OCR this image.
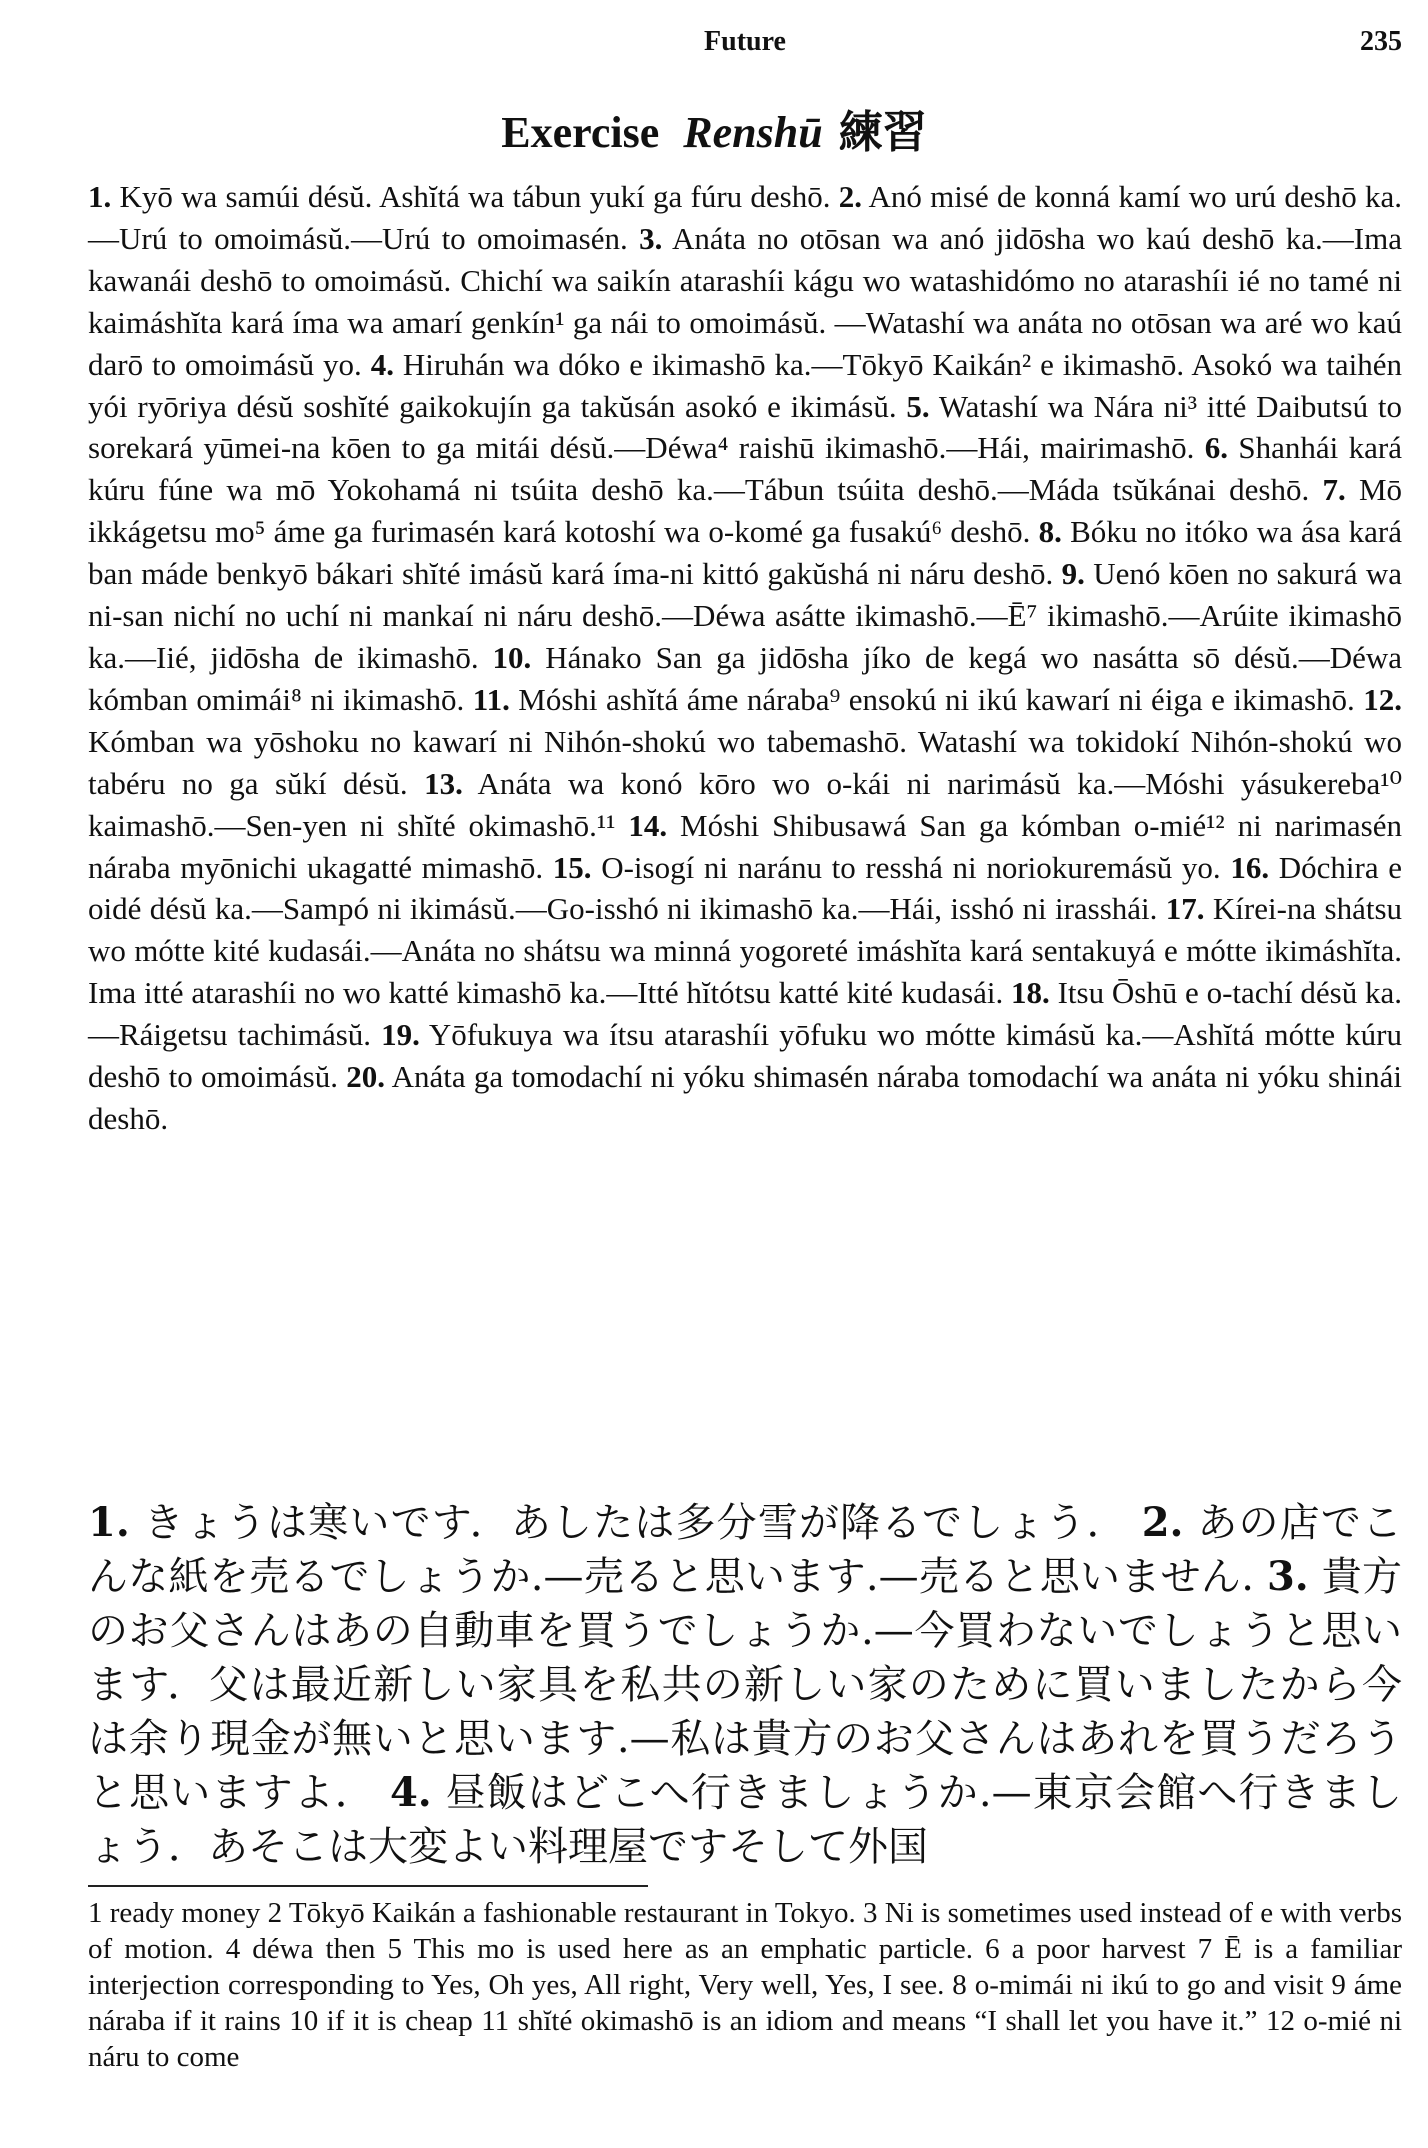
Future	235
Exercise Renshū 練習
1. Kyō wa samúi désŭ. Ashĭtá wa tábun yukí ga fúru deshō. 2. Anó misé de konná kamí wo urú deshō ka.—Urú to omoimásŭ.—Urú to omoimasén. 3. Anáta no otōsan wa anó jidōsha wo kaú deshō ka.—Ima kawanái deshō to omoimásŭ. Chichí wa saikín atarashíi kágu wo watashidómo no atarashíi ié no tamé ni kaimáshĭta kará íma wa amarí genkín¹ ga nái to omoimásŭ. —Watashí wa anáta no otōsan wa aré wo kaú darō to omoimásŭ yo. 4. Hiruhán wa dóko e ikimashō ka.—Tōkyō Kaikán² e ikimashō. Asokó wa taihén yói ryōriya désŭ soshĭté gaikokujín ga takŭsán asokó e ikimásŭ. 5. Watashí wa Nára ni³ itté Daibutsú to sorekará yūmei-na kōen to ga mitái désŭ.—Déwa⁴ raishū ikimashō.—Hái, mairimashō. 6. Shanhái kará kúru fúne wa mō Yokohamá ni tsúita deshō ka.—Tábun tsúita deshō.—Máda tsŭkánai deshō. 7. Mō ikkágetsu mo⁵ áme ga furimasén kará kotoshí wa o-komé ga fusakú⁶ deshō. 8. Bóku no itóko wa ása kará ban máde benkyō bákari shĭté imásŭ kará íma-ni kittó gakŭshá ni náru deshō. 9. Uenó kōen no sakurá wa ni-san nichí no uchí ni mankaí ni náru deshō.—Déwa asátte ikimashō.—Ē⁷ ikimashō.—Arúite ikimashō ka.—Iié, jidōsha de ikimashō. 10. Hánako San ga jidōsha jíko de kegá wo nasátta sō désŭ.—Déwa kómban omimái⁸ ni ikimashō. 11. Móshi ashĭtá áme náraba⁹ ensokú ni ikú kawarí ni éiga e ikimashō. 12. Kómban wa yōshoku no kawarí ni Nihón-shokú wo tabemashō. Watashí wa tokidokí Nihón-shokú wo tabéru no ga sŭkí désŭ. 13. Anáta wa konó kōro wo o-kái ni narimásŭ ka.—Móshi yásukereba¹⁰ kaimashō.—Sen-yen ni shĭté okimashō.¹¹ 14. Móshi Shibusawá San ga kómban o-mié¹² ni narimasén náraba myōnichi ukagatté mimashō. 15. O-isogí ni naránu to resshá ni noriokuremásŭ yo. 16. Dóchira e oidé désŭ ka.—Sampó ni ikimásŭ.—Go-isshó ni ikimashō ka.—Hái, isshó ni irasshái. 17. Kírei-na shátsu wo mótte kité kudasái.—Anáta no shátsu wa minná yogoreté imáshĭta kará sentakuyá e mótte ikimáshĭta. Ima itté atarashíi no wo katté kimashō ka.—Itté hĭtótsu katté kité kudasái. 18. Itsu Ōshū e o-tachí désŭ ka.—Ráigetsu tachimásŭ. 19. Yōfukuya wa ítsu atarashíi yōfuku wo mótte kimásŭ ka.—Ashĭtá mótte kúru deshō to omoimásŭ. 20. Anáta ga tomodachí ni yóku shimasén náraba tomodachí wa anáta ni yóku shinái deshō.
1. きょうは寒いです．あしたは多分雪が降るでしょう． 2. あの店でこんな紙を売るでしょうか.—売ると思います.—売ると思いません. 3. 貴方のお父さんはあの自動車を買うでしょうか.—今買わないでしょうと思います．父は最近新しい家具を私共の新しい家のために買いましたから今は余り現金が無いと思います.—私は貴方のお父さんはあれを買うだろうと思いますよ． 4. 昼飯はどこへ行きましょうか.—東京会館へ行きましょう．あそこは大変よい料理屋ですそして外国
1 ready money 2 Tōkyō Kaikán a fashionable restaurant in Tokyo. 3 Ni is sometimes used instead of e with verbs of motion. 4 déwa then 5 This mo is used here as an emphatic particle. 6 a poor harvest 7 Ē is a familiar interjection corresponding to Yes, Oh yes, All right, Very well, Yes, I see. 8 o-mimái ni ikú to go and visit 9 áme náraba if it rains 10 if it is cheap 11 shĭté okimashō is an idiom and means “I shall let you have it.” 12 o-mié ni náru to come
